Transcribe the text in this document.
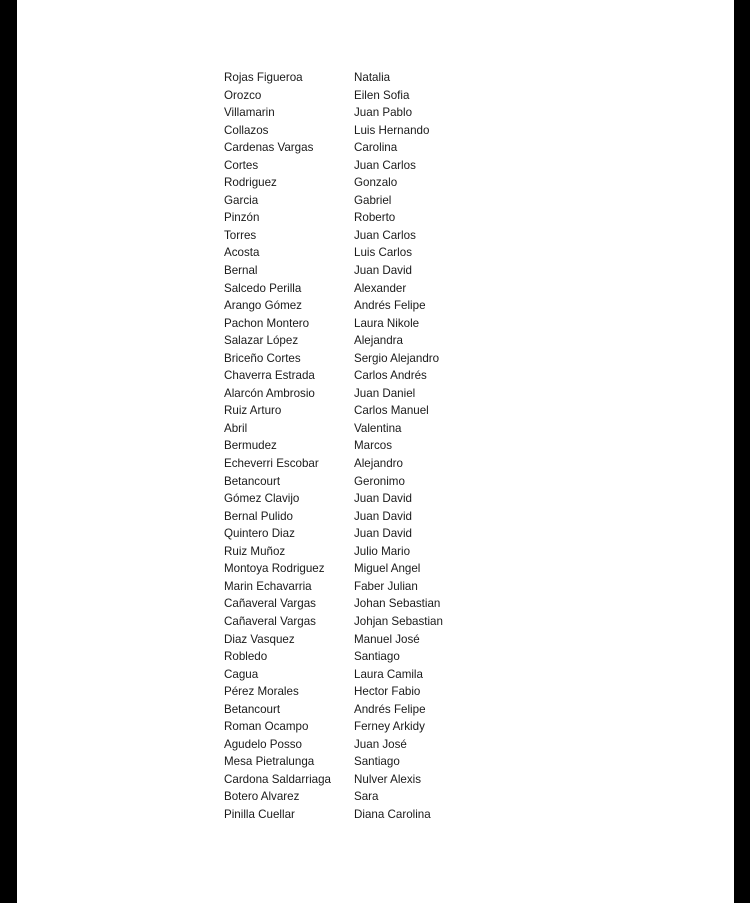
Rojas Figueroa	Natalia
Orozco	Eilen Sofia
Villamarin	Juan Pablo
Collazos	Luis Hernando
Cardenas Vargas	Carolina
Cortes	Juan Carlos
Rodriguez	Gonzalo
Garcia	Gabriel
Pinzón	Roberto
Torres	Juan Carlos
Acosta	Luis Carlos
Bernal	Juan David
Salcedo Perilla	Alexander
Arango Gómez	Andrés Felipe
Pachon Montero	Laura Nikole
Salazar López	Alejandra
Briceño Cortes	Sergio Alejandro
Chaverra Estrada	Carlos Andrés
Alarcón Ambrosio	Juan Daniel
Ruiz Arturo	Carlos Manuel
Abril	Valentina
Bermudez	Marcos
Echeverri Escobar	Alejandro
Betancourt	Geronimo
Gómez Clavijo	Juan David
Bernal Pulido	Juan David
Quintero Diaz	Juan David
Ruiz Muñoz	Julio Mario
Montoya Rodriguez	Miguel Angel
Marin Echavarria	Faber Julian
Cañaveral Vargas	Johan Sebastian
Cañaveral Vargas	Johjan Sebastian
Diaz Vasquez	Manuel José
Robledo	Santiago
Cagua	Laura Camila
Pérez Morales	Hector Fabio
Betancourt	Andrés Felipe
Roman Ocampo	Ferney Arkidy
Agudelo Posso	Juan José
Mesa Pietralunga	Santiago
Cardona Saldarriaga	Nulver Alexis
Botero Alvarez	Sara
Pinilla Cuellar	Diana Carolina
